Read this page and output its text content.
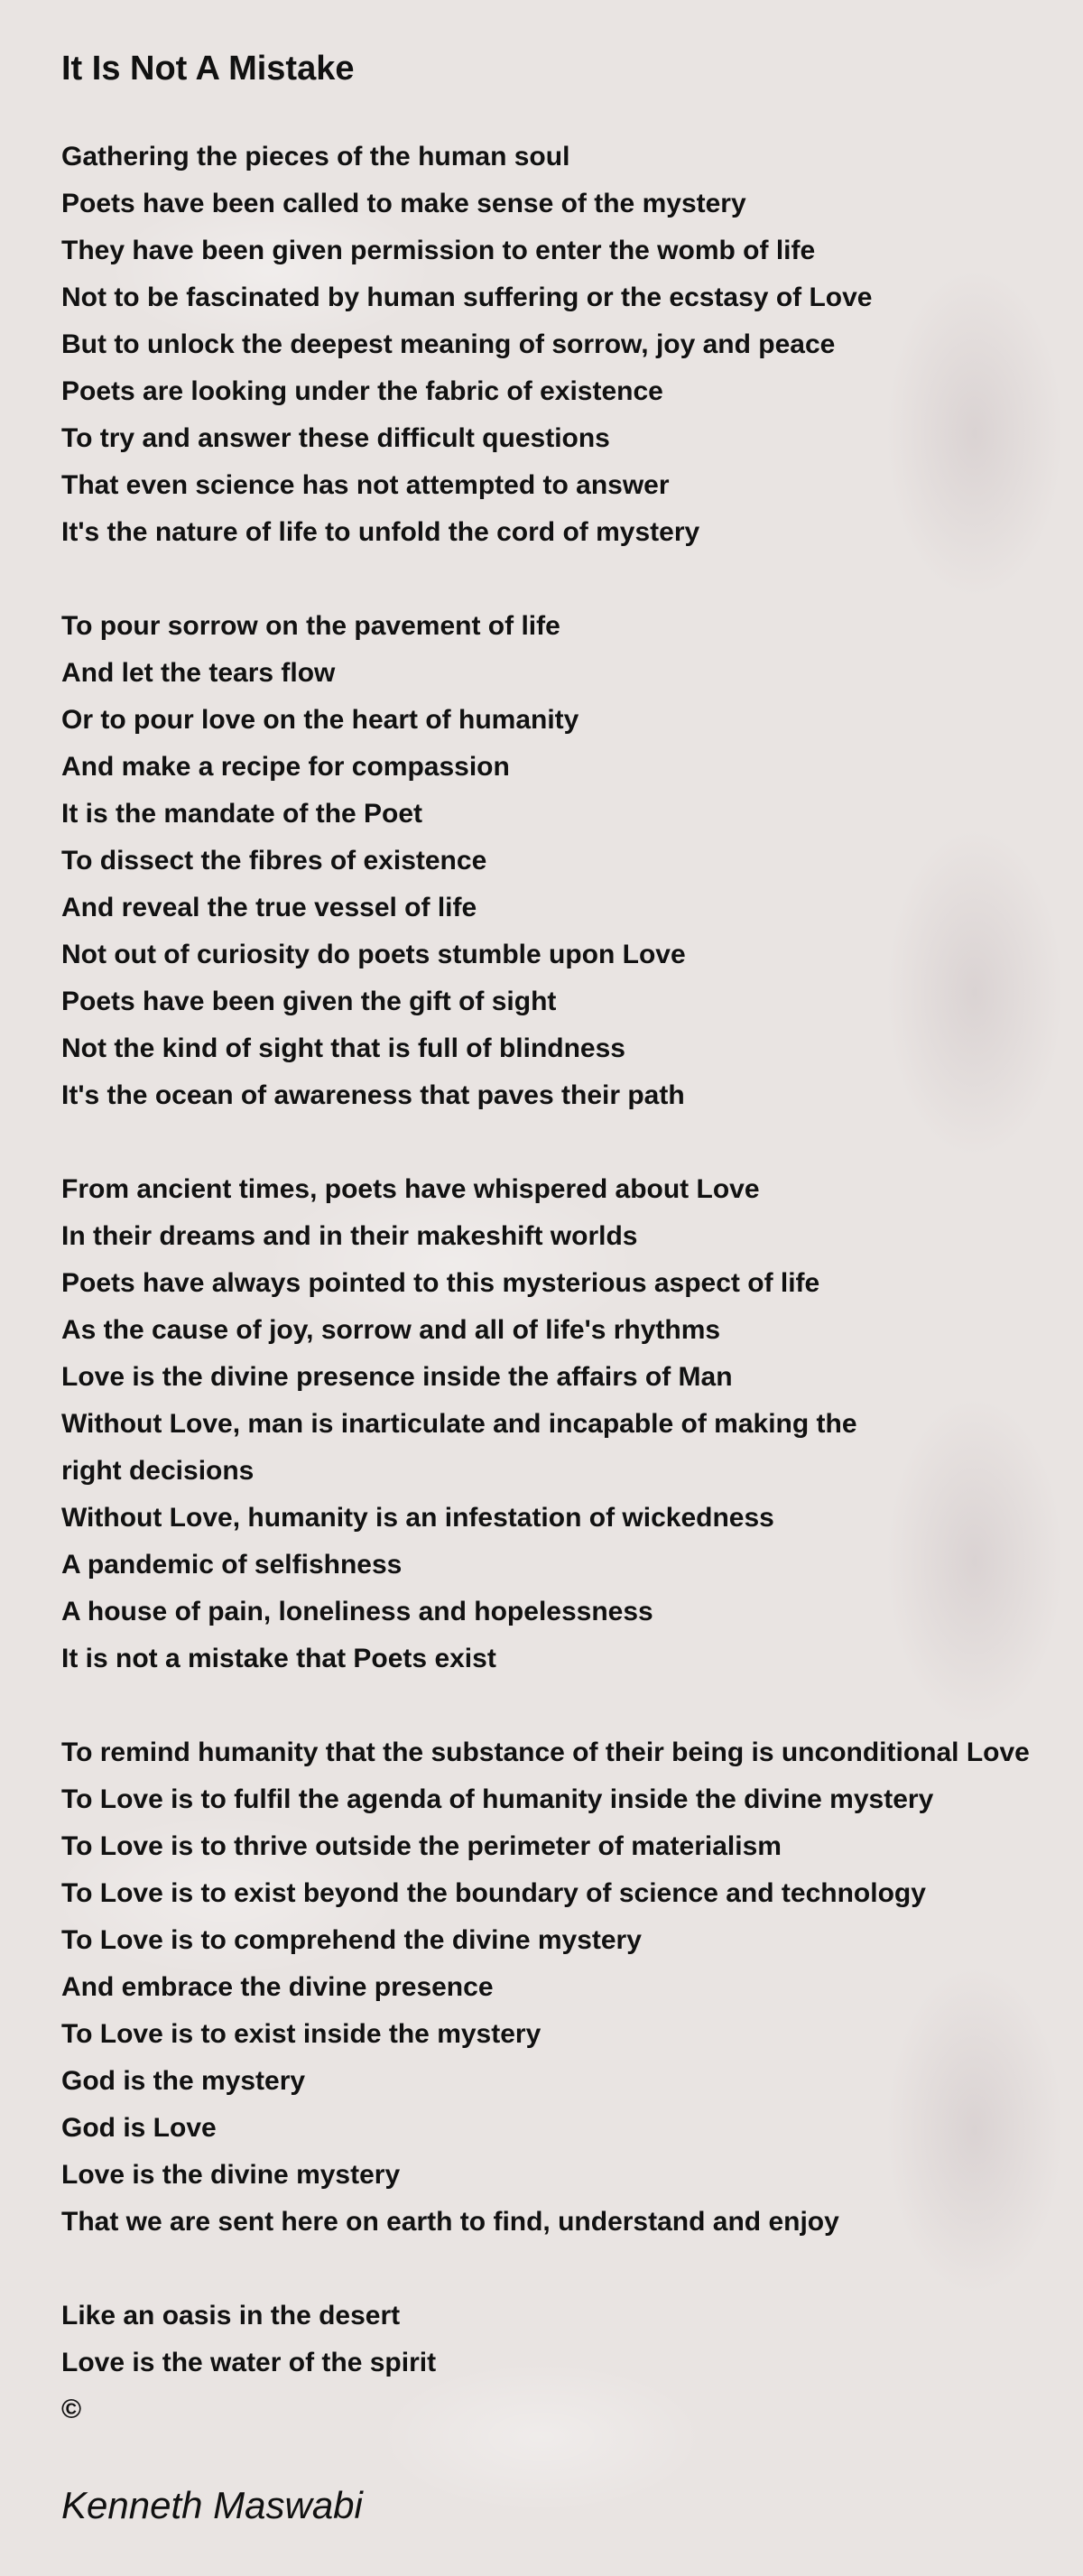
It Is Not A Mistake
Gathering the pieces of the human soul
Poets have been called to make sense of the mystery
They have been given permission to enter the womb of life
Not to be fascinated by human suffering or the ecstasy of Love
But to unlock the deepest meaning of sorrow, joy and peace
Poets are looking under the fabric of existence
To try and answer these difficult questions
That even science has not attempted to answer
It's the nature of life to unfold the cord of mystery
To pour sorrow on the pavement of life
And let the tears flow
Or to pour love on the heart of humanity
And make a recipe for compassion
It is the mandate of the Poet
To dissect the fibres of existence
And reveal the true vessel of life
Not out of curiosity do poets stumble upon Love
Poets have been given the gift of sight
Not the kind of sight that is full of blindness
It's the ocean of awareness that paves their path
From ancient times, poets have whispered about Love
In their dreams and in their makeshift worlds
Poets have always pointed to this mysterious aspect of life
As the cause of joy, sorrow and all of life's rhythms
Love is the divine presence inside the affairs of Man
Without Love, man is inarticulate and incapable of making the
right decisions
Without Love, humanity is an infestation of wickedness
A pandemic of selfishness
A house of pain, loneliness and hopelessness
It is not a mistake that Poets exist
To remind humanity that the substance of their being is unconditional Love
To Love is to fulfil the agenda of humanity inside the divine mystery
To Love is to thrive outside the perimeter of materialism
To Love is to exist beyond the boundary of science and technology
To Love is to comprehend the divine mystery
And embrace the divine presence
To Love is to exist inside the mystery
God is the mystery
God is Love
Love is the divine mystery
That we are sent here on earth to find, understand and enjoy
Like an oasis in the desert
Love is the water of the spirit
©
Kenneth Maswabi
